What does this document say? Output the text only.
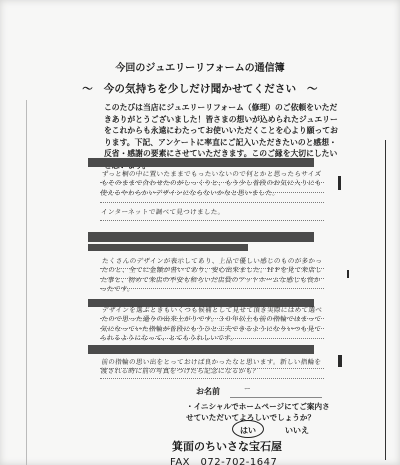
今回のジュエリーリフォームの通信簿
〜　今の気持ちを少しだけ聞かせてください　〜
このたびは当店にジュエリーリフォーム（修理）のご依頼をいただきありがとうございました！皆さまの想いが込められたジュエリーをこれからも永遠にわたってお使いいただくことを心より願っております。下記、アンケートに率直にご記入いただきたいのと感想・反省・感謝の要素にさせていただきます。このご縁を大切にしたい
ずっと桐の中に置いたままでもったいないので何とかと思ったらサイズもそのままで合わせたのがしっくりと、もう少し普段のお気に入りにも使えるやわらかいデザインにならないかなと思いました。
インターネットで調べて見つけました。
たくさんのデザインが表示してあり、上品で優しい感じのものが多かったのと、全てに金額が書いてあり、安心出来ました。ＨＰを見て来店した事と、初めて来店の不安も和らいだ店員のアットホームな感じも良かったです。
デザインを選ぶときもいくつも候補として見せて頂き実際にはめて選べたので思った通りの出来上がりです。３０年以上も前の指輪ではまって気になっていた指輪が普段にもうひと工夫できるようになりいつも見てられるようになって、とてもうれしいです。
前の指輪の思い出をとっておけば良かったなと思います。新しい指輪を渡される時に前の写真をつけたら記念になるかも？
お名前	ー
・イニシャルでホームページにてご案内させていただいてよろしいでしょうか？
はい	いいえ
箕面のちいさな宝石屋
FAX　072-702-1647
